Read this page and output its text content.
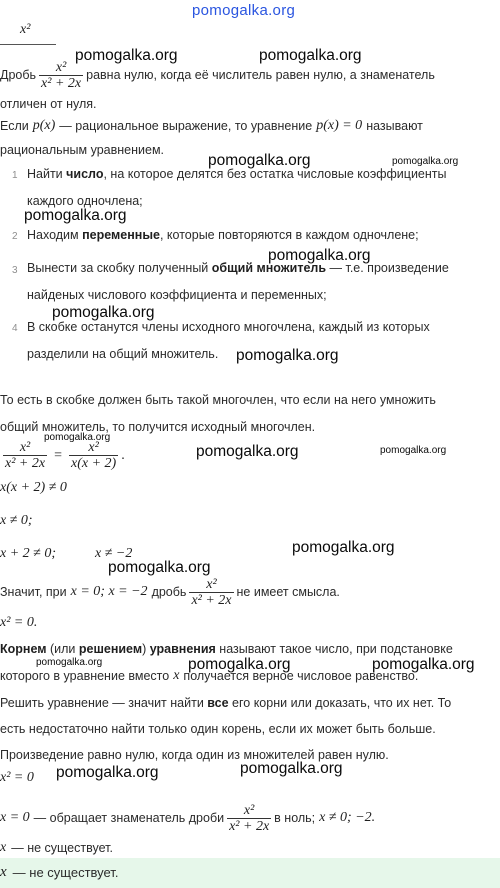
pomogalka.org
x²
Дробь $\frac{\text{x²}}{\text{x² + 2x}}$ равна нулю, когда её числитель равен нулю, а знаменатель
отличен от нуля.
Если p(x) — рациональное выражение, то уравнение p(x) = 0 называют
рациональным уравнением.
1 Найти число, на которое делятся без остатка числовые коэффициенты
каждого одночлена;
2 Находим переменные, которые повторяются в каждом одночлене;
3 Вынести за скобку полученный общий множитель — т.е. произведение
найденых числового коэффициента и переменных;
4 В скобке останутся члены исходного многочлена, каждый из которых
разделили на общий множитель.
То есть в скобке должен быть такой многочлен, что если на него умножить
общий множитель, то получится исходный многочлен.
$\frac{\text{x²}}{\text{x² + 2x}} = \frac{\text{x²}}{x(x + 2)}$ .
x(x + 2) ≠ 0
x ≠ 0;
x + 2 ≠ 0;	x ≠ −2
Значит, при x = 0; x = −2 дробь $\frac{\text{x²}}{\text{x² + 2x}}$ не имеет смысла.
x² = 0.
Корнем (или решением) уравнения называют такое число, при подстановке
которого в уравнение вместо x получается верное числовое равенство.
Решить уравнение — значит найти все его корни или доказать, что их нет. То
есть недостаточно найти только один корень, если их может быть больше.
Произведение равно нулю, когда один из множителей равен нулю.
x² = 0
x = 0 — обращает знаменатель дроби $\frac{\text{x²}}{\text{x² + 2x}}$ в ноль; x ≠ 0; −2.
x — не существует.
x — не существует.
pomogalka.org	pomogalka.org
pomogalka.org	pomogalka.org
pomogalka.org
pomogalka.org
pomogalka.org
pomogalka.org
pomogalka.org
pomogalka.org	pomogalka.org
pomogalka.org
pomogalka.org
pomogalka.org	pomogalka.org	pomogalka.org
pomogalka.org	pomogalka.org
